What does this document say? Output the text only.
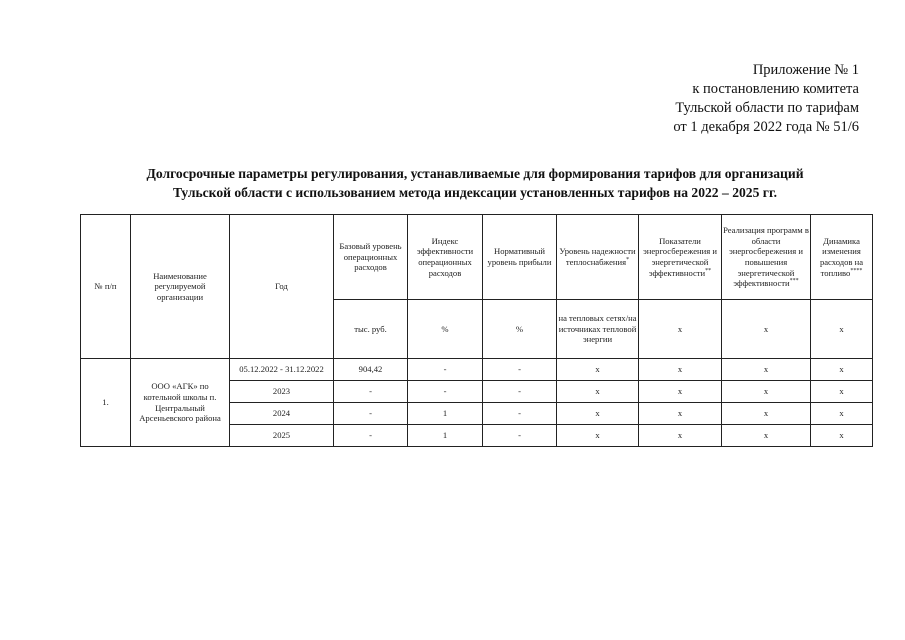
Приложение № 1
к постановлению комитета
Тульской области по тарифам
от 1 декабря 2022 года № 51/6
Долгосрочные параметры регулирования, устанавливаемые для формирования тарифов для организаций
Тульской области с использованием метода индексации установленных тарифов на 2022 – 2025 гг.
№ п/п	Наименование регулируемой организации	Год	Базовый уровень операционных расходов	Индекс эффективности операционных расходов	Нормативный уровень прибыли	Уровень надежности теплоснабжения*	Показатели энергосбережения и энергетической эффективности**	Реализация программ в области энергосбережения и повышения энергетической эффективности***	Динамика изменения расходов на топливо****
			тыс. руб.	%	%	на тепловых сетях/на источниках тепловой энергии	x	x	x
1.	ООО «АГК» по котельной школы п. Центральный Арсеньевского района	05.12.2022 - 31.12.2022	904,42	-	-	x	x	x	x
		2023	-	-	-	x	x	x	x
		2024	-	1	-	x	x	x	x
		2025	-	1	-	x	x	x	x
